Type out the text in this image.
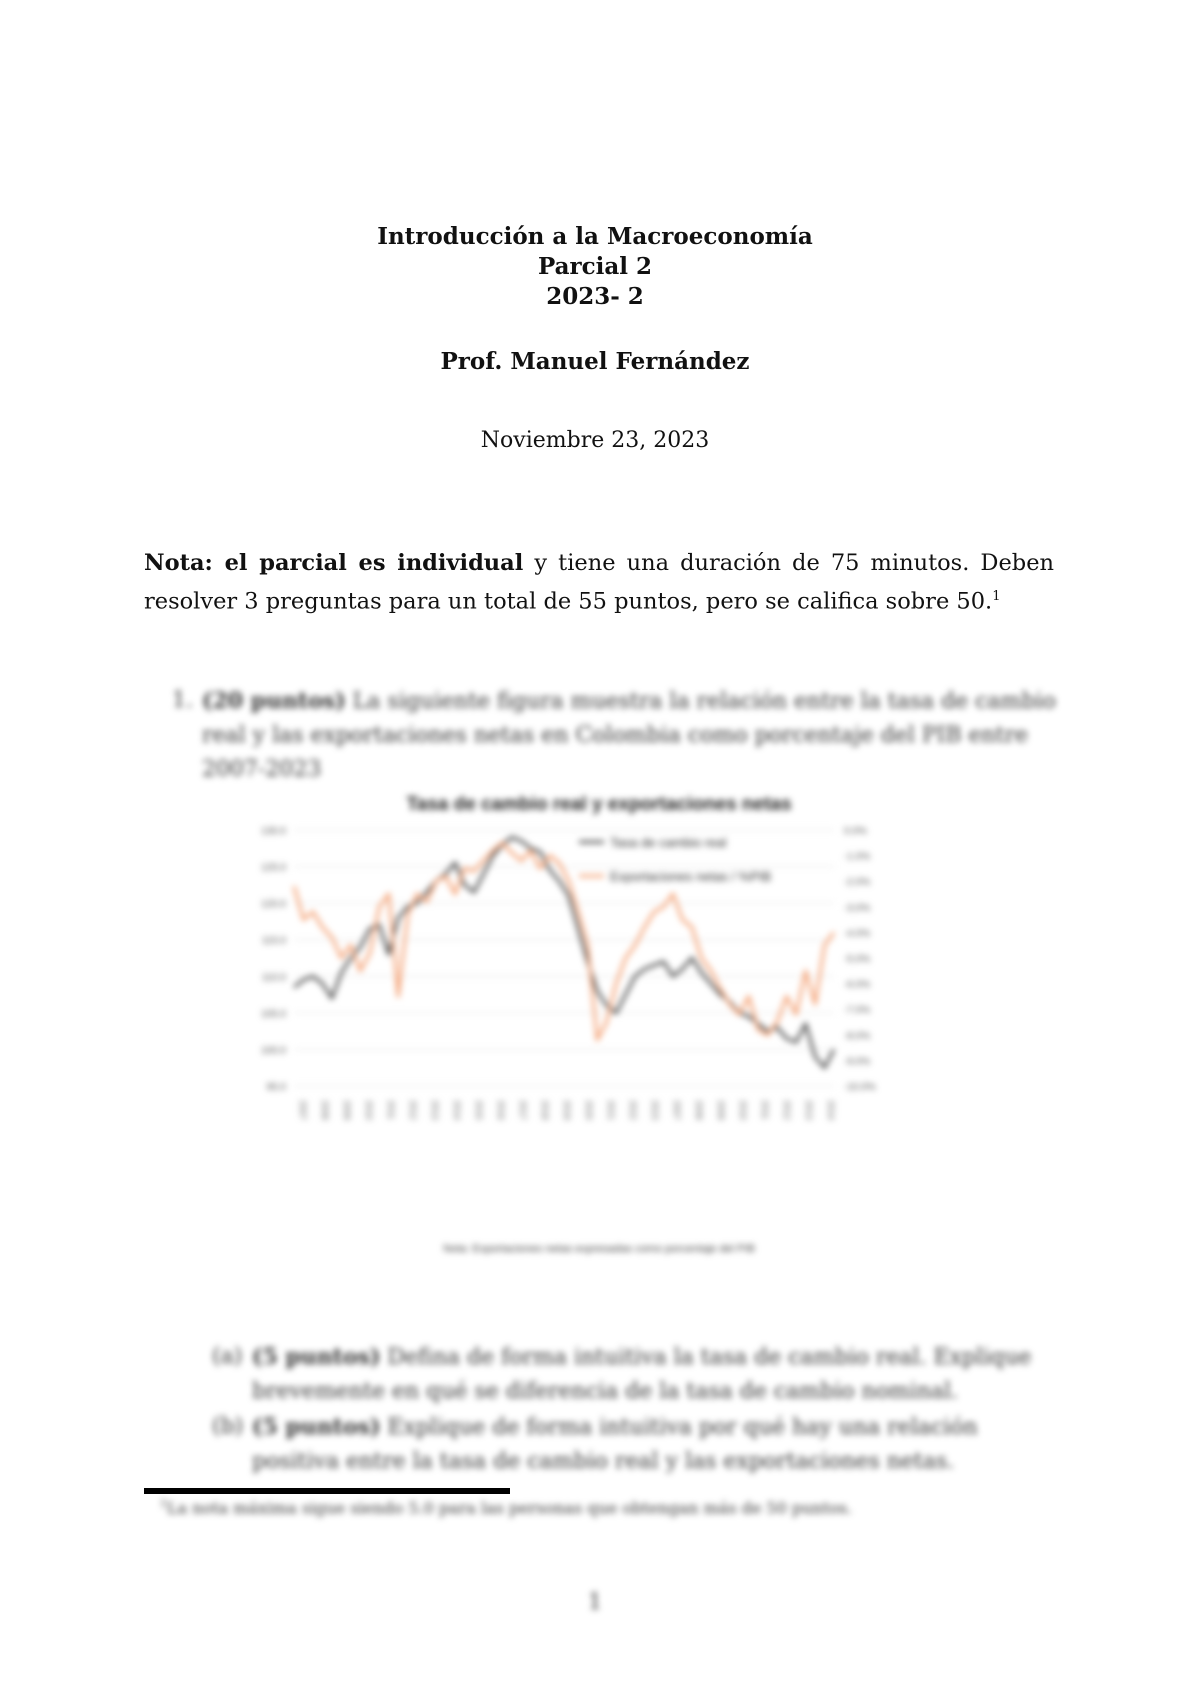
Introducción a la Macroeconomía
Parcial 2
2023- 2
Prof. Manuel Fernández
Noviembre 23, 2023
Nota: el parcial es individual y tiene una duración de 75 minutos. Deben resolver 3 preguntas para un total de 55 puntos, pero se califica sobre 50.$^1$
1. (20 puntos) La siguiente figura muestra la relación entre la tasa de cambio real y las exportaciones netas en Colombia como porcentaje del PIB entre 2007-2023
Tasa de cambio real y exportaciones netas
130.0
125.0
120.0
115.0
110.0
105.0
100.0
95.0
0.0%
-1.0%
-2.0%
-3.0%
-4.0%
-5.0%
-6.0%
-7.0%
-8.0%
-9.0%
-10.0%
2007 2008 2009 2010 2011 2012 2013 2014 2015 2016 2017 2018 2019 2020 2021 2022 2023 2007 2008 2009 2010 2011 2012 2013 2014
Tasa de cambio real
Exportaciones netas / %PIB
Nota: Exportaciones netas expresadas como porcentaje del PIB
(a) (5 puntos) Defina de forma intuitiva la tasa de cambio real. Explique brevemente en qué se diferencia de la tasa de cambio nominal.
(b) (5 puntos) Explique de forma intuitiva por qué hay una relación positiva entre la tasa de cambio real y las exportaciones netas.
$^1$La nota máxima sigue siendo 5.0 para las personas que obtengan más de 50 puntos.
1
